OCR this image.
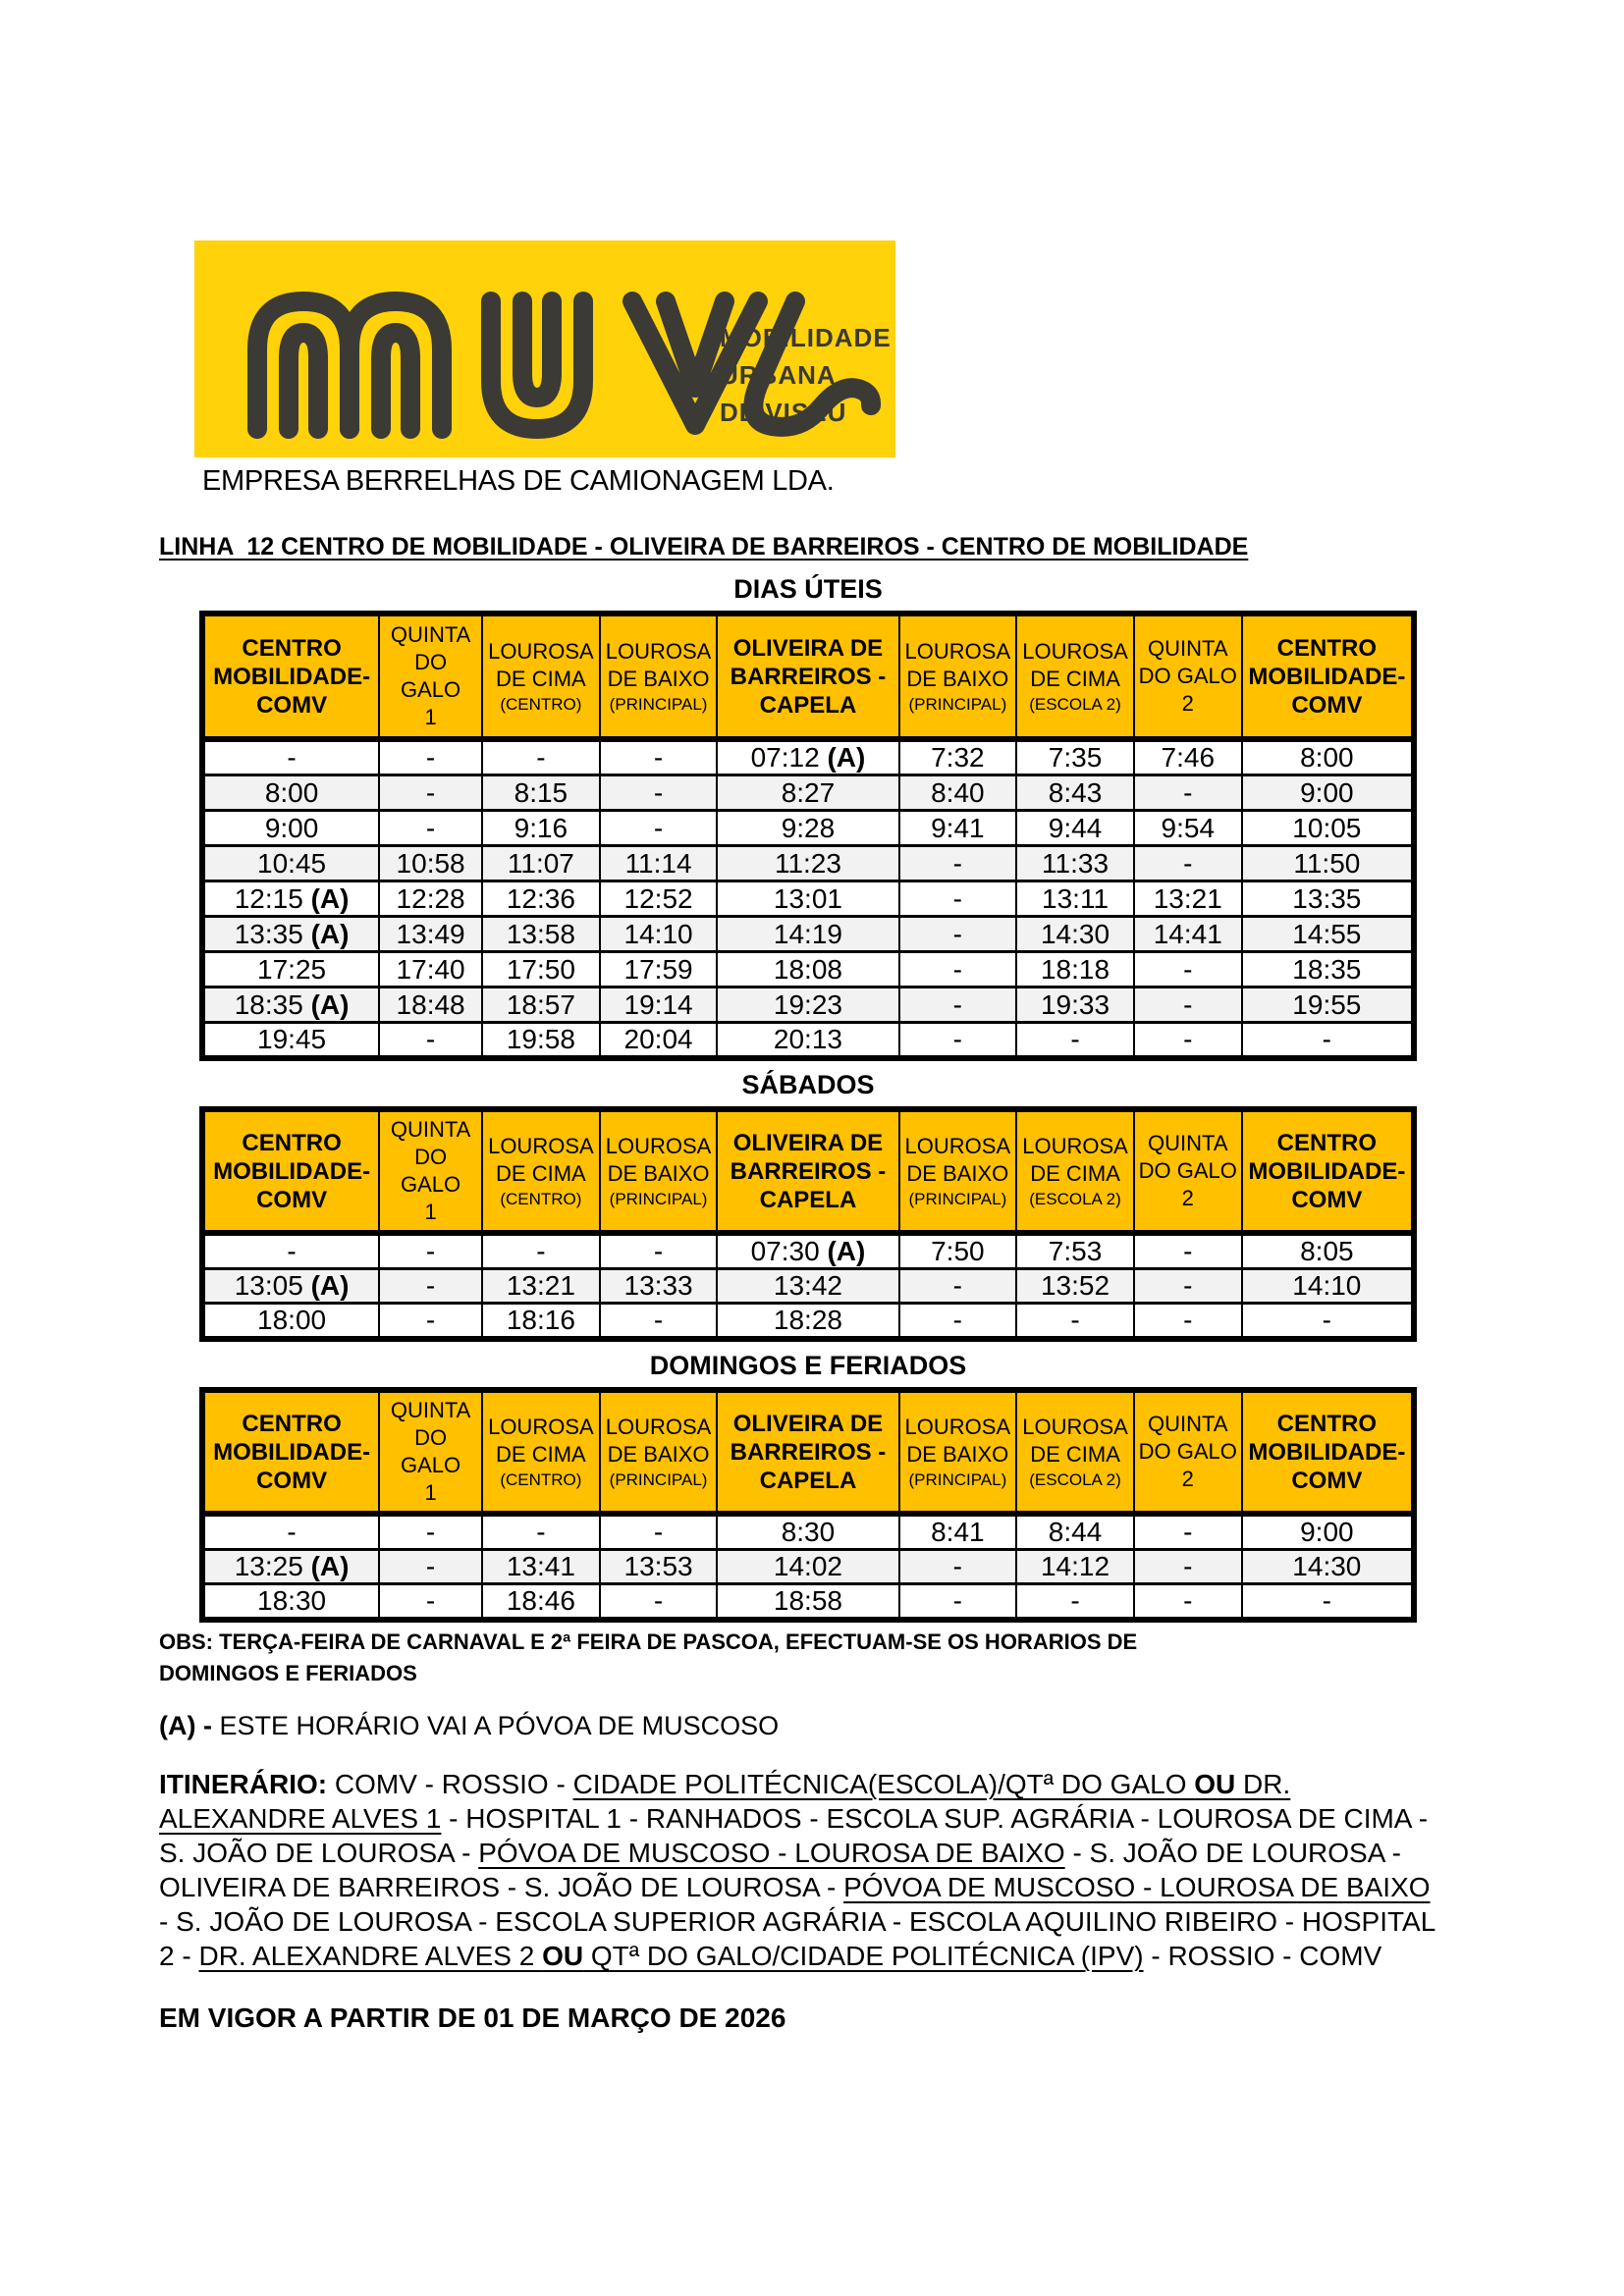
MOBILIDADE
URBANA
DE VISEU
EMPRESA BERRELHAS DE CAMIONAGEM LDA.
LINHA  12 CENTRO DE MOBILIDADE - OLIVEIRA DE BARREIROS - CENTRO DE MOBILIDADE
DIAS ÚTEIS
CENTRO
MOBILIDADE-
COMV	QUINTA
DO GALO
1	LOUROSA
DE CIMA
(CENTRO)	LOUROSA
DE BAIXO
(PRINCIPAL)	OLIVEIRA DE
BARREIROS -
CAPELA	LOUROSA
DE BAIXO
(PRINCIPAL)	LOUROSA
DE CIMA
(ESCOLA 2)	QUINTA
DO GALO
2	CENTRO
MOBILIDADE-
COMV
-	-	-	-	07:12 (A)	7:32	7:35	7:46	8:00
8:00	-	8:15	-	8:27	8:40	8:43	-	9:00
9:00	-	9:16	-	9:28	9:41	9:44	9:54	10:05
10:45	10:58	11:07	11:14	11:23	-	11:33	-	11:50
12:15 (A)	12:28	12:36	12:52	13:01	-	13:11	13:21	13:35
13:35 (A)	13:49	13:58	14:10	14:19	-	14:30	14:41	14:55
17:25	17:40	17:50	17:59	18:08	-	18:18	-	18:35
18:35 (A)	18:48	18:57	19:14	19:23	-	19:33	-	19:55
19:45	-	19:58	20:04	20:13	-	-	-	-
SÁBADOS
CENTRO
MOBILIDADE-
COMV	QUINTA
DO GALO
1	LOUROSA
DE CIMA
(CENTRO)	LOUROSA
DE BAIXO
(PRINCIPAL)	OLIVEIRA DE
BARREIROS -
CAPELA	LOUROSA
DE BAIXO
(PRINCIPAL)	LOUROSA
DE CIMA
(ESCOLA 2)	QUINTA
DO GALO
2	CENTRO
MOBILIDADE-
COMV
-	-	-	-	07:30 (A)	7:50	7:53	-	8:05
13:05 (A)	-	13:21	13:33	13:42	-	13:52	-	14:10
18:00	-	18:16	-	18:28	-	-	-	-
DOMINGOS E FERIADOS
CENTRO
MOBILIDADE-
COMV	QUINTA
DO GALO
1	LOUROSA
DE CIMA
(CENTRO)	LOUROSA
DE BAIXO
(PRINCIPAL)	OLIVEIRA DE
BARREIROS -
CAPELA	LOUROSA
DE BAIXO
(PRINCIPAL)	LOUROSA
DE CIMA
(ESCOLA 2)	QUINTA
DO GALO
2	CENTRO
MOBILIDADE-
COMV
-	-	-	-	8:30	8:41	8:44	-	9:00
13:25 (A)	-	13:41	13:53	14:02	-	14:12	-	14:30
18:30	-	18:46	-	18:58	-	-	-	-
OBS: TERÇA-FEIRA DE CARNAVAL E 2ª FEIRA DE PASCOA, EFECTUAM-SE OS HORARIOS DE DOMINGOS E FERIADOS
(A) - ESTE HORÁRIO VAI A PÓVOA DE MUSCOSO
ITINERÁRIO: COMV - ROSSIO - CIDADE POLITÉCNICA(ESCOLA)/QTª DO GALO OU DR. ALEXANDRE ALVES 1 - HOSPITAL 1 - RANHADOS - ESCOLA SUP. AGRÁRIA - LOUROSA DE CIMA - S. JOÃO DE LOUROSA - PÓVOA DE MUSCOSO - LOUROSA DE BAIXO - S. JOÃO DE LOUROSA - OLIVEIRA DE BARREIROS - S. JOÃO DE LOUROSA - PÓVOA DE MUSCOSO - LOUROSA DE BAIXO - S. JOÃO DE LOUROSA - ESCOLA SUPERIOR AGRÁRIA - ESCOLA AQUILINO RIBEIRO - HOSPITAL 2 - DR. ALEXANDRE ALVES 2 OU QTª DO GALO/CIDADE POLITÉCNICA (IPV) - ROSSIO - COMV
EM VIGOR A PARTIR DE 01 DE MARÇO DE 2026
